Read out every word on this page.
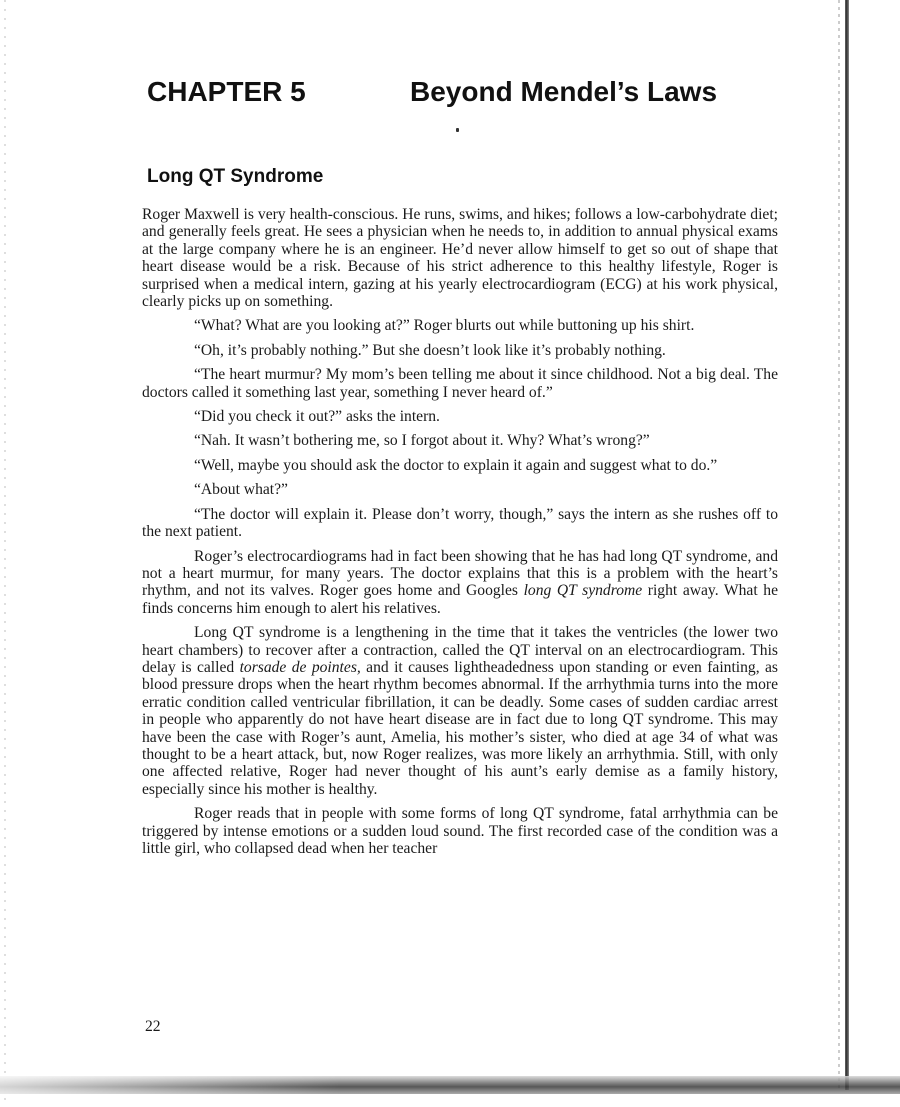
CHAPTER 5	Beyond Mendel’s Laws
Long QT Syndrome

Roger Maxwell is very health-conscious. He runs, swims, and hikes; follows a low-carbohydrate diet; and generally feels great. He sees a physician when he needs to, in addition to annual physical exams at the large company where he is an engineer. He’d never allow himself to get so out of shape that heart disease would be a risk. Because of his strict adherence to this healthy lifestyle, Roger is surprised when a medical intern, gazing at his yearly electrocardiogram (ECG) at his work physical, clearly picks up on something.

“What? What are you looking at?” Roger blurts out while buttoning up his shirt.

“Oh, it’s probably nothing.” But she doesn’t look like it’s probably nothing.

“The heart murmur? My mom’s been telling me about it since childhood. Not a big deal. The doctors called it something last year, something I never heard of.”

“Did you check it out?” asks the intern.

“Nah. It wasn’t bothering me, so I forgot about it. Why? What’s wrong?”

“Well, maybe you should ask the doctor to explain it again and suggest what to do.”

“About what?”

“The doctor will explain it. Please don’t worry, though,” says the intern as she rushes off to the next patient.

Roger’s electrocardiograms had in fact been showing that he has had long QT syndrome, and not a heart murmur, for many years. The doctor explains that this is a problem with the heart’s rhythm, and not its valves. Roger goes home and Googles long QT syndrome right away. What he finds concerns him enough to alert his relatives.

Long QT syndrome is a lengthening in the time that it takes the ventricles (the lower two heart chambers) to recover after a contraction, called the QT interval on an electrocardiogram. This delay is called torsade de pointes, and it causes lightheadedness upon standing or even fainting, as blood pressure drops when the heart rhythm becomes abnormal. If the arrhythmia turns into the more erratic condition called ventricular fibrillation, it can be deadly. Some cases of sudden cardiac arrest in people who apparently do not have heart disease are in fact due to long QT syndrome. This may have been the case with Roger’s aunt, Amelia, his mother’s sister, who died at age 34 of what was thought to be a heart attack, but, now Roger realizes, was more likely an arrhythmia. Still, with only one affected relative, Roger had never thought of his aunt’s early demise as a family history, especially since his mother is healthy.

Roger reads that in people with some forms of long QT syndrome, fatal arrhythmia can be triggered by intense emotions or a sudden loud sound. The first recorded case of the condition was a little girl, who collapsed dead when her teacher

22
